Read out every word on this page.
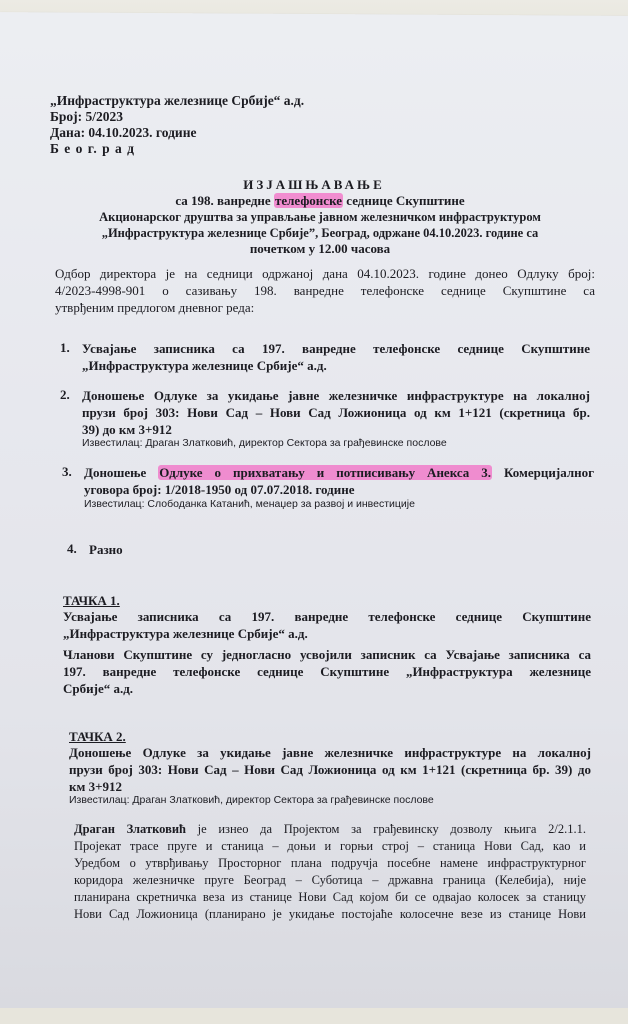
„Инфраструктура железнице Србије“ а.д.
Број: 5/2023
Дана: 04.10.2023. године
Б е о г. р а д
ИЗЈАШЊАВАЊЕ
са 198. ванредне телефонске седнице Скупштине
Акционарског друштва за управљање јавном железничком инфраструктуром
„Инфраструктура железнице Србије”, Београд, одржане 04.10.2023. године са
почетком у 12.00 часова
Одбор директора је на седници одржаној дана 04.10.2023. године донео Одлуку број:
4/2023-4998-901 о сазивању 198. ванредне телефонске седнице Скупштине са
утврђеним предлогом дневног реда:
1. Усвајање записника са 197. ванредне телефонске седнице Скупштине
„Инфраструктура железнице Србије“ а.д.
2. Доношење Одлуке за укидање јавне железничке инфраструктуре на локалној
прузи број 303: Нови Сад – Нови Сад Ложионица од км 1+121 (скретница бр.
39) до км 3+912
Известилац: Драган Златковић, директор Сектора за грађевинске послове
3. Доношење Одлуке о прихватању и потписивању Анекса 3. Комерцијалног
уговора број: 1/2018-1950 од 07.07.2018. године
Известилац: Слободанка Катанић, менаџер за развој и инвестиције
4. Разно
ТАЧКА 1.
Усвајање записника са 197. ванредне телефонске седнице Скупштине
„Инфраструктура железнице Србије“ а.д.
Чланови Скупштине су једногласно усвојили записник са Усвајање записника са
197. ванредне телефонске седнице Скупштине „Инфраструктура железнице
Србије“ а.д.
ТАЧКА 2.
Доношење Одлуке за укидање јавне железничке инфраструктуре на локалној
прузи број 303: Нови Сад – Нови Сад Ложионица од км 1+121 (скретница бр. 39) до
км 3+912
Известилац: Драган Златковић, директор Сектора за грађевинске послове
Драган Златковић је изнео да Пројектом за грађевинску дозволу књига 2/2.1.1.
Пројекат трасе пруге и станица – доњи и горњи строј – станица Нови Сад, као и
Уредбом о утврђивању Просторног плана подручја посебне намене инфраструктурног
коридора железничке пруге Београд – Суботица – државна граница (Келебија), није
планирана скретничка веза из станице Нови Сад којом би се одвајао колосек за станицу
Нови Сад Ложионица (планирано је укидање постојаће колосечне везе из станице Нови
